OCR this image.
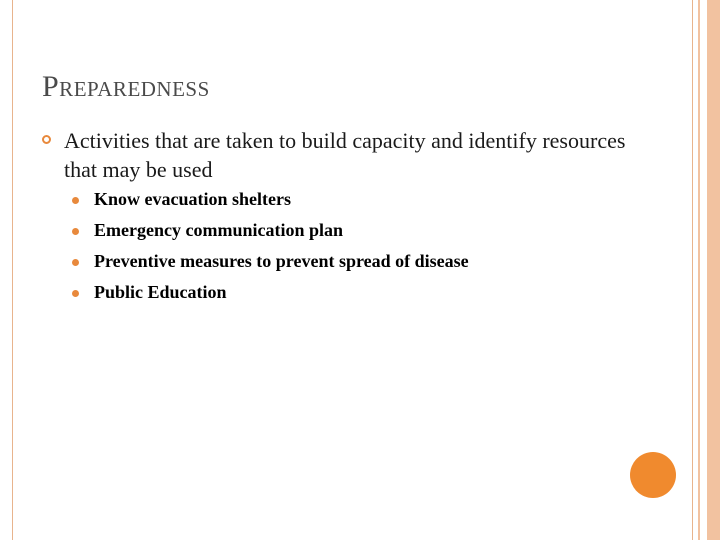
Preparedness
Activities that are taken to build capacity and identify resources that may be used
Know evacuation shelters
Emergency communication plan
Preventive measures to prevent spread of disease
Public Education
